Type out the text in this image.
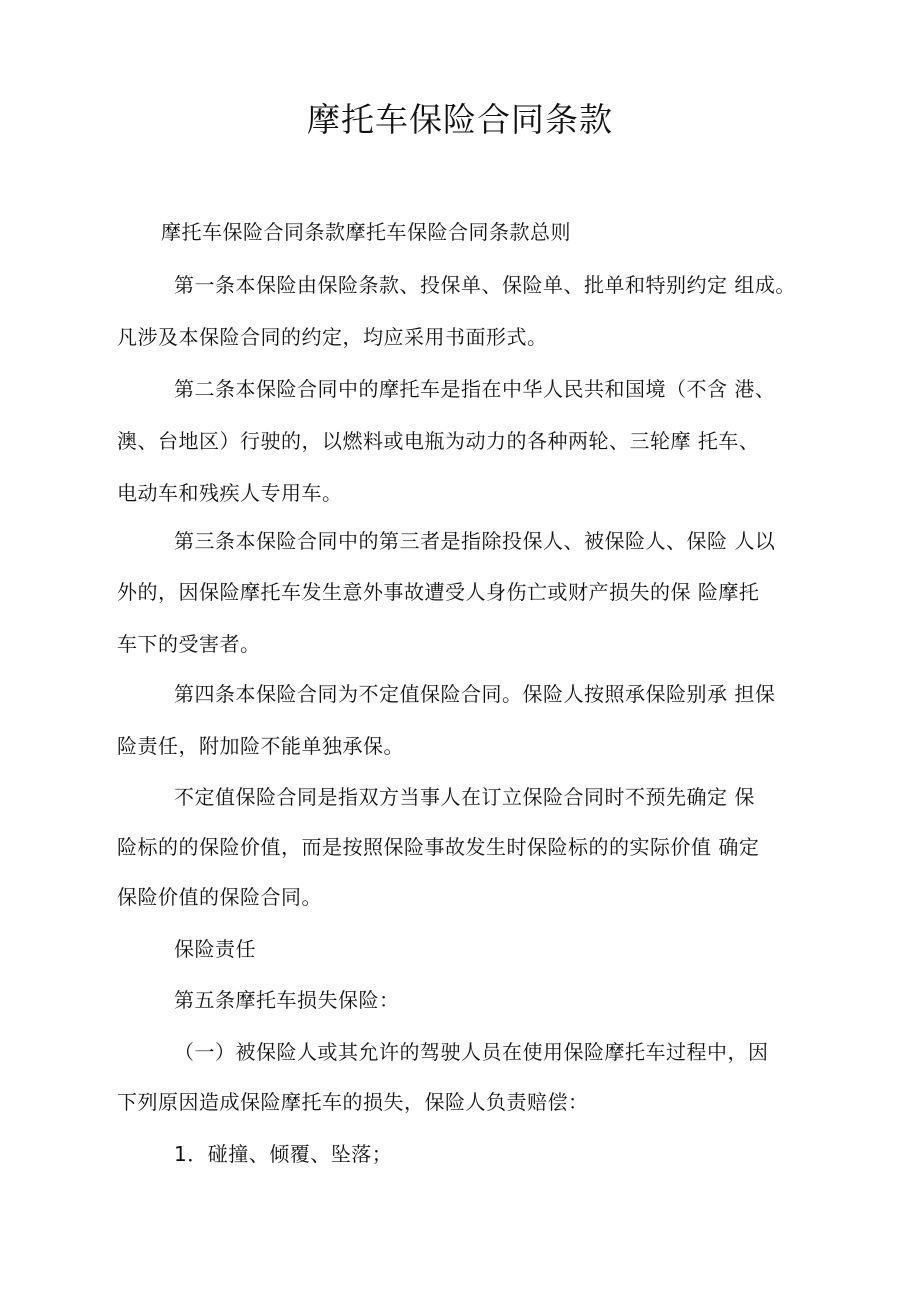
摩托车保险合同条款
摩托车保险合同条款摩托车保险合同条款总则
第一条本保险由保险条款、投保单、保险单、批单和特别约定 组成。
凡涉及本保险合同的约定，均应采用书面形式。
第二条本保险合同中的摩托车是指在中华人民共和国境（不含 港、
澳、台地区）行驶的，以燃料或电瓶为动力的各种两轮、三轮摩 托车、
电动车和残疾人专用车。
第三条本保险合同中的第三者是指除投保人、被保险人、保险 人以
外的，因保险摩托车发生意外事故遭受人身伤亡或财产损失的保 险摩托
车下的受害者。
第四条本保险合同为不定值保险合同。保险人按照承保险别承 担保
险责任，附加险不能单独承保。
不定值保险合同是指双方当事人在订立保险合同时不预先确定 保
险标的的保险价值，而是按照保险事故发生时保险标的的实际价值 确定
保险价值的保险合同。
保险责任
第五条摩托车损失保险：
（一）被保险人或其允许的驾驶人员在使用保险摩托车过程中，因
下列原因造成保险摩托车的损失，保险人负责赔偿：
1．碰撞、倾覆、坠落；
